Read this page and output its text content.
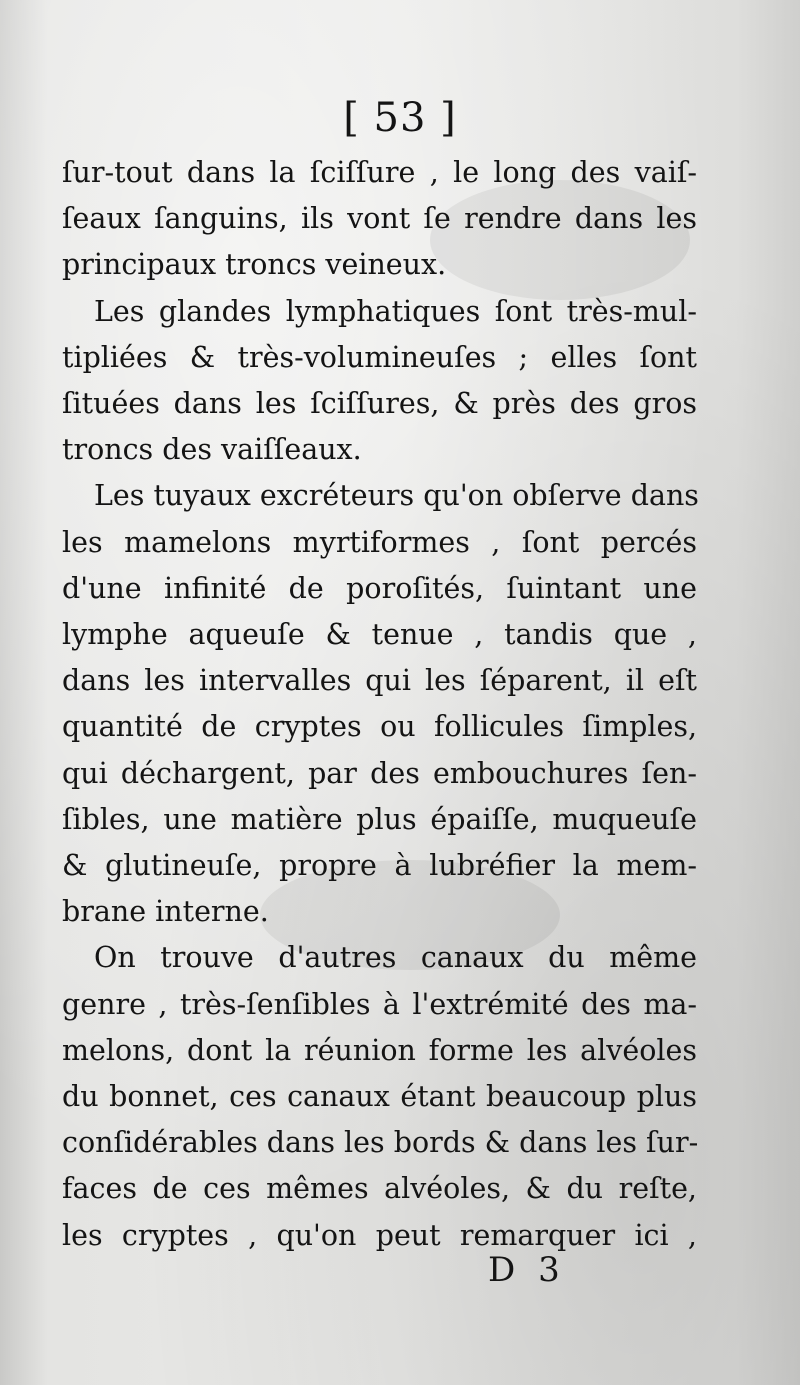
[ 53 ]
ſur-tout dans la ſciſſure , le long des vaiſ-
ſeaux ſanguins, ils vont ſe rendre dans les
principaux troncs veineux.
Les glandes lymphatiques ſont très-mul-
tipliées & très-volumineuſes ; elles ſont
ſituées dans les ſciſſures, & près des gros
troncs des vaiſſeaux.
Les tuyaux excréteurs qu'on obſerve dans
les mamelons myrtiformes , ſont percés
d'une infinité de poroſités, ſuintant une
lymphe aqueuſe & tenue , tandis que ,
dans les intervalles qui les ſéparent, il eſt
quantité de cryptes ou follicules ſimples,
qui déchargent, par des embouchures ſen-
ſibles, une matière plus épaiſſe, muqueuſe
& glutineuſe, propre à lubréfier la mem-
brane interne.
On trouve d'autres canaux du même
genre , très-ſenſibles à l'extrémité des ma-
melons, dont la réunion forme les alvéoles
du bonnet, ces canaux étant beaucoup plus
conſidérables dans les bords & dans les ſur-
faces de ces mêmes alvéoles, & du reſte,
les cryptes , qu'on peut remarquer ici ,
D 3
